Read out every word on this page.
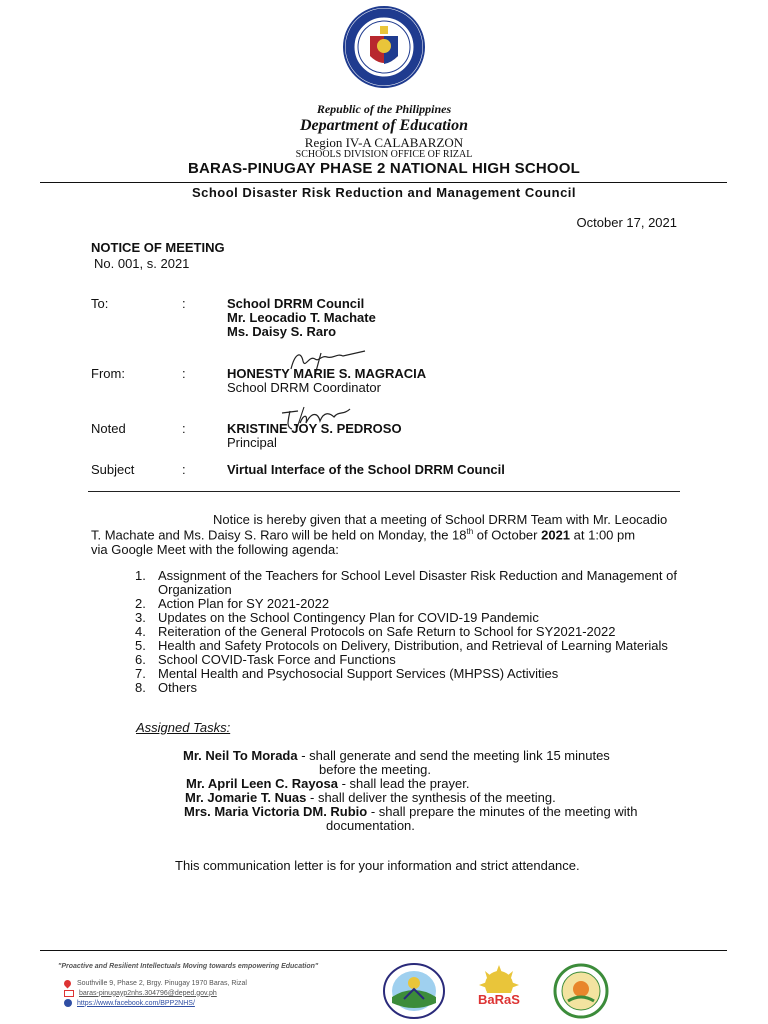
Republic of the Philippines
Department of Education
Region IV-A CALABARZON
SCHOOLS DIVISION OFFICE OF RIZAL
BARAS-PINUGAY PHASE 2 NATIONAL HIGH SCHOOL
School Disaster Risk Reduction and Management Council
October 17, 2021
NOTICE OF MEETING
No. 001, s. 2021
To:	:	School DRRM Council
Mr. Leocadio T. Machate
Ms. Daisy S. Raro
From:	:	HONESTY MARIE S. MAGRACIA
School DRRM Coordinator
Noted	:	KRISTINE JOY S. PEDROSO
Principal
Subject	:	Virtual Interface of the School DRRM Council
Notice is hereby given that a meeting of School DRRM Team with Mr. Leocadio
T. Machate and Ms. Daisy S. Raro will be held on Monday, the 18th of October 2021 at 1:00 pm
via Google Meet with the following agenda:
1. Assignment of the Teachers for School Level Disaster Risk Reduction and Management of Organization
2. Action Plan for SY 2021-2022
3. Updates on the School Contingency Plan for COVID-19 Pandemic
4. Reiteration of the General Protocols on Safe Return to School for SY2021-2022
5. Health and Safety Protocols on Delivery, Distribution, and Retrieval of Learning Materials
6. School COVID-Task Force and Functions
7. Mental Health and Psychosocial Support Services (MHPSS) Activities
8. Others
Assigned Tasks:
Mr. Neil To Morada - shall generate and send the meeting link 15 minutes
before the meeting.
Mr. April Leen C. Rayosa - shall lead the prayer.
Mr. Jomarie T. Nuas - shall deliver the synthesis of the meeting.
Mrs. Maria Victoria DM. Rubio - shall prepare the minutes of the meeting with
documentation.
This communication letter is for your information and strict attendance.
"Proactive and Resilient Intellectuals Moving towards empowering Education"
Southville 9, Phase 2, Brgy. Pinugay 1970 Baras, Rizal
baras-pinugayp2nhs.304796@deped.gov.ph
https://www.facebook.com/BPP2NHS/	BaRaS
